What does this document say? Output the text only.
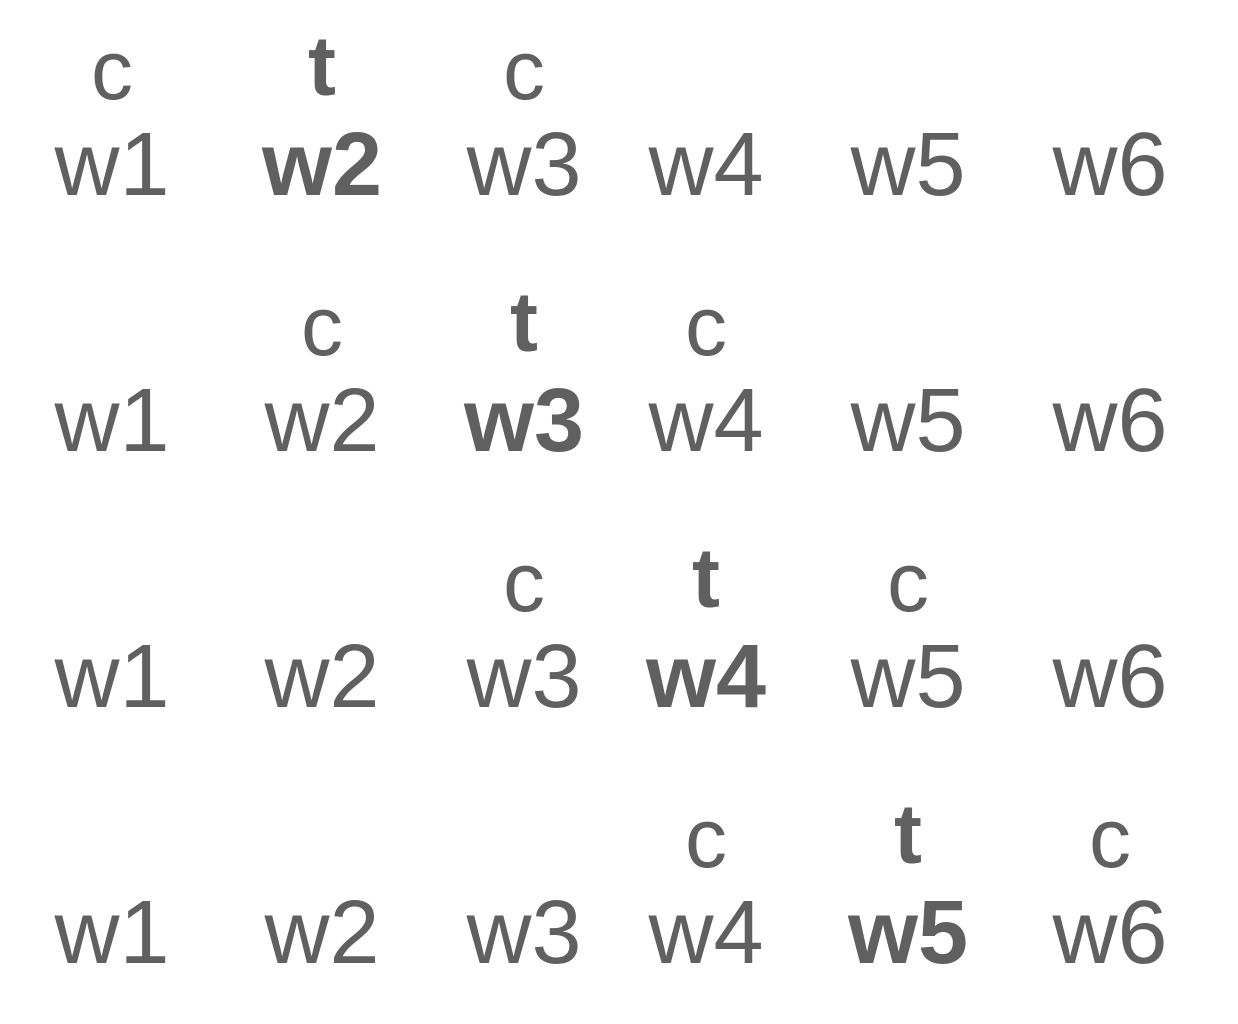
c
w1
t
w2
c
w3 w4 w5 w6
w1
c
w2
t
w3
c
w4 w5 w6
w1	w2
c
w3
t
w4
c
w5 w6
w1	w2 w3
c
w4
t
w5
c
w6
